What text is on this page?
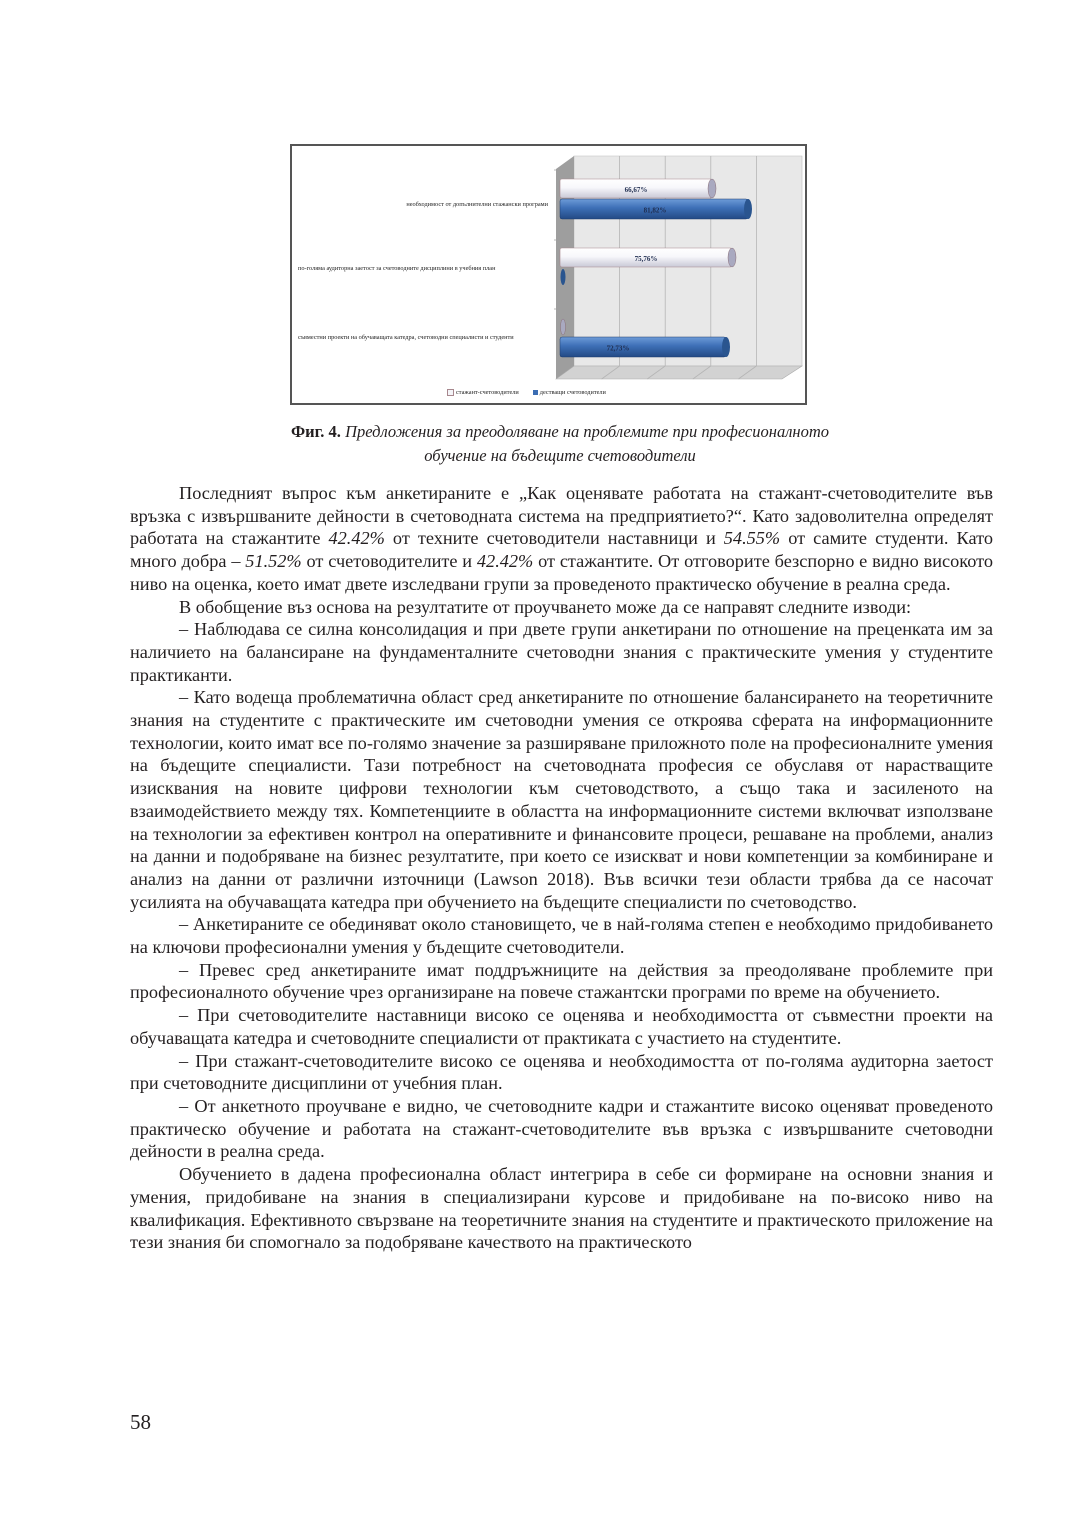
66,67%
81,82%
75,76%
72,73%
необходимост от допълнителни стажански програми
по-голяма аудиторна заетост за счетоводните дисциплини в учебния план
съвместни проекти на обучаващата катедра, счетоводни специалисти и студенти
стажант-счетоводители	дестващи счетоводители
Фиг. 4. Предложения за преодоляване на проблемите при професионалното
обучение на бъдещите счетоводители

Последният въпрос към анкетираните е „Как оценявате работата на стажант-счетоводителите във връзка с извършваните дейности в счетоводната система на предприятието?“. Като задоволителна определят работата на стажантите 42.42% от техните счетоводители наставници и 54.55% от самите студенти. Като много добра – 51.52% от счетоводителите и 42.42% от стажантите. От отговорите безспорно е видно високото ниво на оценка, което имат двете изследвани групи за проведеното практическо обучение в реална среда.

В обобщение въз основа на резултатите от проучването може да се направят следните изводи:

– Наблюдава се силна консолидация и при двете групи анкетирани по отношение на преценката им за наличието на балансиране на фундаменталните счетоводни знания с практическите умения у студентите практиканти.

– Като водеща проблематична област сред анкетираните по отношение балансирането на теоретичните знания на студентите с практическите им счетоводни умения се откроява сферата на информационните технологии, които имат все по-голямо значение за разширяване приложното поле на професионалните умения на бъдещите специалисти. Тази потребност на счетоводната професия се обуславя от нарастващите изисквания на новите цифрови технологии към счетоводството, а също така и засиленото на взаимодействието между тях. Компетенциите в областта на информационните системи включват използване на технологии за ефективен контрол на оперативните и финансовите процеси, решаване на проблеми, анализ на данни и подобряване на бизнес резултатите, при което се изискват и нови компетенции за комбиниране и анализ на данни от различни източници (Lawson 2018). Във всички тези области трябва да се насочат усилията на обучаващата катедра при обучението на бъдещите специалисти по счетоводство.

– Анкетираните се обединяват около становището, че в най-голяма степен е необходимо придобиването на ключови професионални умения у бъдещите счетоводители.

– Превес сред анкетираните имат поддръжниците на действия за преодоляване проблемите при професионалното обучение чрез организиране на повече стажантски програми по време на обучението.

– При счетоводителите наставници високо се оценява и необходимостта от съвместни проекти на обучаващата катедра и счетоводните специалисти от практиката с участието на студентите.

– При стажант-счетоводителите високо се оценява и необходимостта от по-голяма аудиторна заетост при счетоводните дисциплини от учебния план.

– От анкетното проучване е видно, че счетоводните кадри и стажантите високо оценяват проведеното практическо обучение и работата на стажант-счетоводителите във връзка с извършваните счетоводни дейности в реална среда.

Обучението в дадена професионална област интегрира в себе си формиране на основни знания и умения, придобиване на знания в специализирани курсове и придобиване на по-високо ниво на квалификация. Ефективното свързване на теоретичните знания на студентите и практическото приложение на тези знания би спомогнало за подобряване качеството на практическото

58
